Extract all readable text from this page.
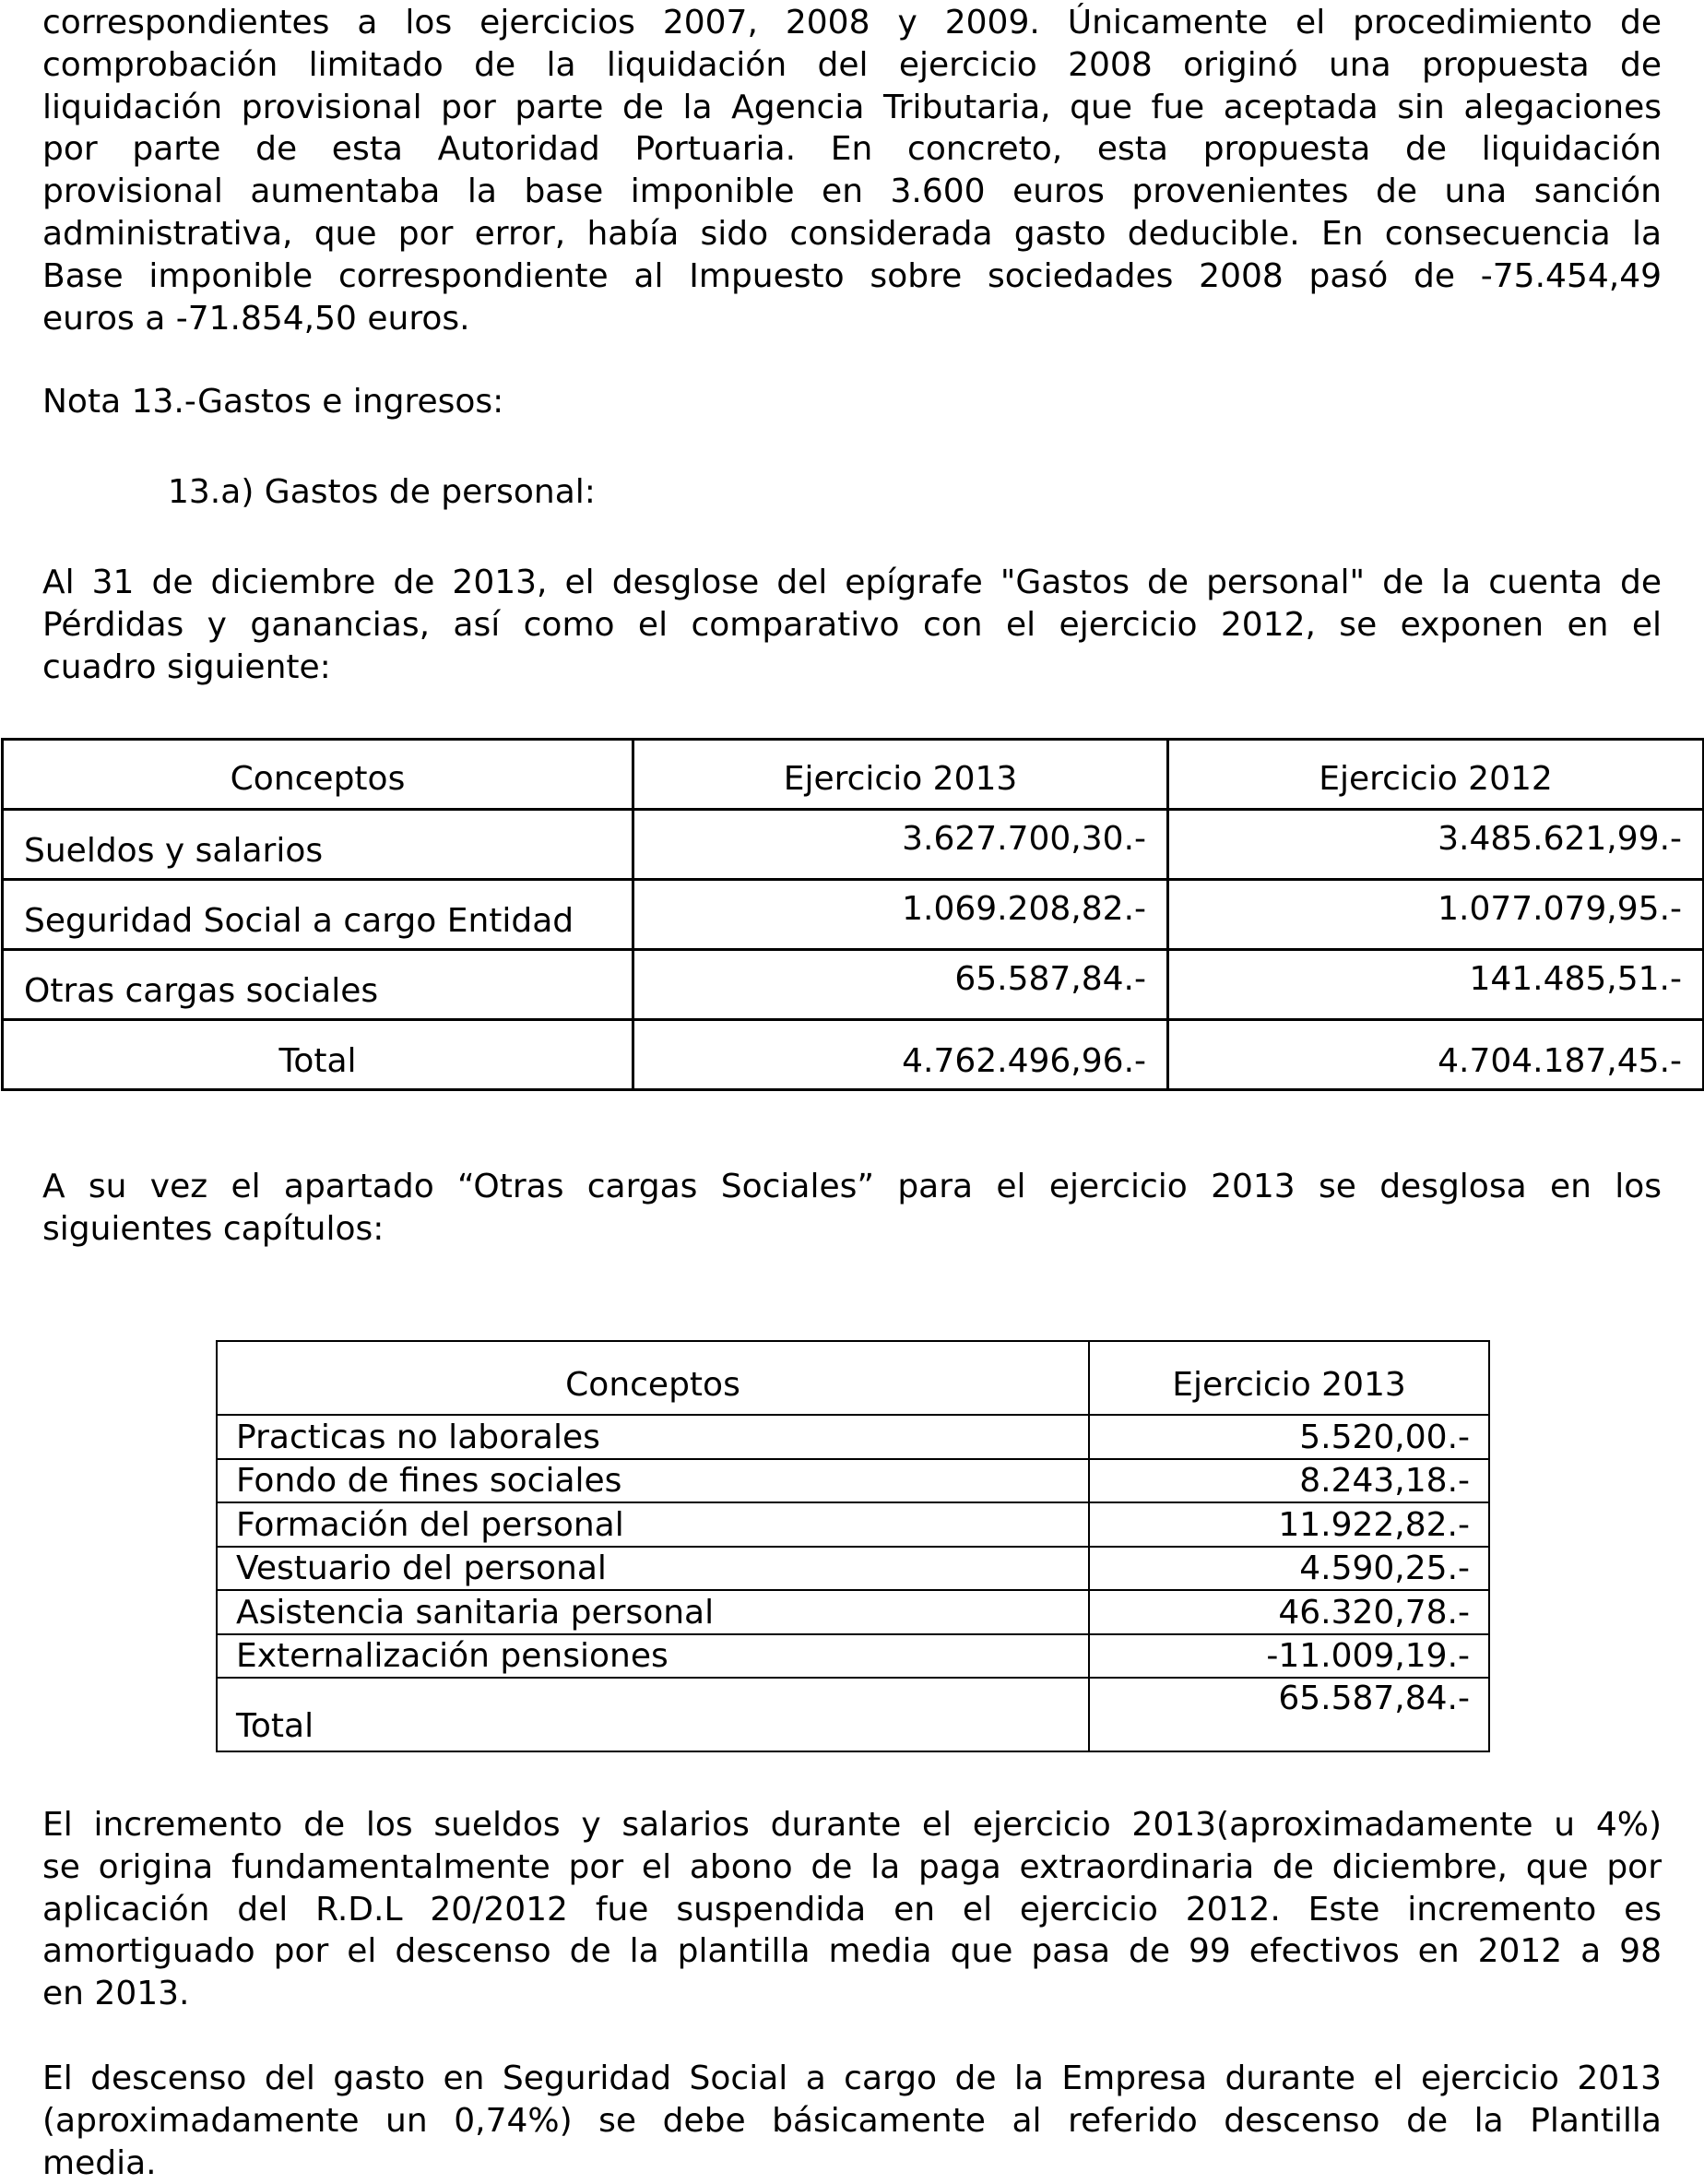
correspondientes a los ejercicios 2007, 2008 y 2009. Únicamente el procedimiento de

comprobación limitado de la liquidación del ejercicio 2008 originó una propuesta de

liquidación provisional por parte de la Agencia Tributaria, que fue aceptada sin alegaciones

por parte de esta Autoridad Portuaria. En concreto, esta propuesta de liquidación

provisional aumentaba la base imponible en 3.600 euros provenientes de una sanción

administrativa, que por error, había sido considerada gasto deducible. En consecuencia la

Base imponible correspondiente al Impuesto sobre sociedades 2008 pasó de -75.454,49

euros a -71.854,50 euros.

Nota 13.-Gastos e ingresos:

13.a) Gastos de personal:

Al 31 de diciembre de 2013, el desglose del epígrafe "Gastos de personal" de la cuenta de

Pérdidas y ganancias, así como el comparativo con el ejercicio 2012, se exponen en el

cuadro siguiente:

A su vez el apartado “Otras cargas Sociales” para el ejercicio 2013 se desglosa en los

siguientes capítulos:

El incremento de los sueldos y salarios durante el ejercicio 2013(aproximadamente u 4%)

se origina fundamentalmente por el abono de la paga extraordinaria de diciembre, que por

aplicación del R.D.L 20/2012 fue suspendida en el ejercicio 2012. Este incremento es

amortiguado por el descenso de la plantilla media que pasa de 99 efectivos en 2012 a 98

en 2013.

El descenso del gasto en Seguridad Social a cargo de la Empresa durante el ejercicio 2013

(aproximadamente un 0,74%) se debe básicamente al referido descenso de la Plantilla

media.

Conceptos	Ejercicio 2013	Ejercicio 2012
Sueldos y salarios	3.627.700,30.-	3.485.621,99.-
Seguridad Social a cargo Entidad	1.069.208,82.-	1.077.079,95.-
Otras cargas sociales	65.587,84.-	141.485,51.-
Total	4.762.496,96.-	4.704.187,45.-
Conceptos	Ejercicio 2013
Practicas no laborales	5.520,00.-
Fondo de fines sociales	8.243,18.-
Formación del personal	11.922,82.-
Vestuario del personal	4.590,25.-
Asistencia sanitaria personal	46.320,78.-
Externalización pensiones	-11.009,19.-
Total	65.587,84.-
